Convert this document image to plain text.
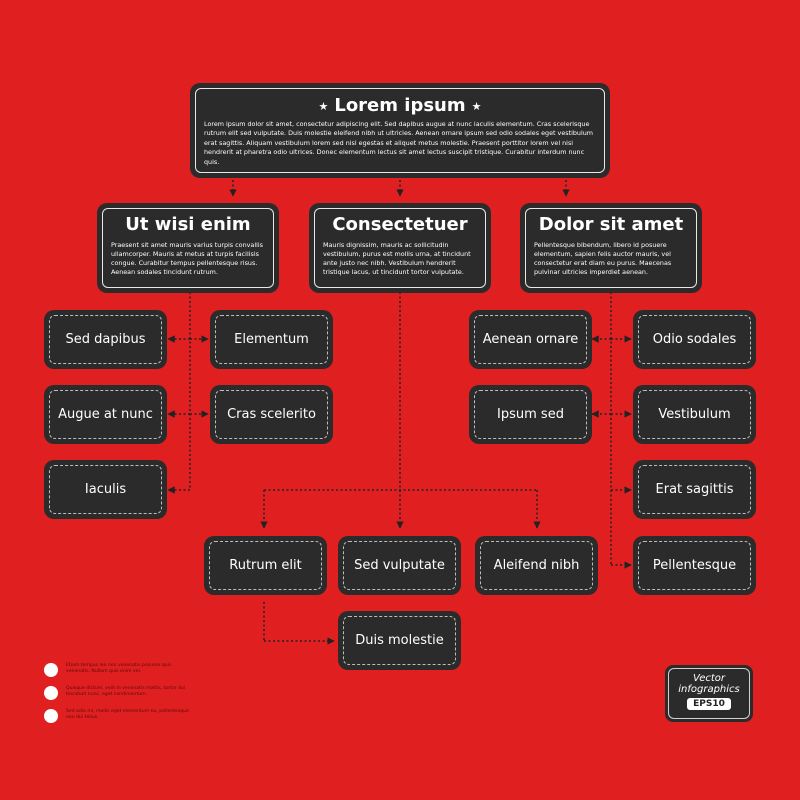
★ Lorem ipsum ★
Lorem ipsum dolor sit amet, consectetur adipiscing elit. Sed dapibus augue at nunc iaculis elementum. Cras scelerisque rutrum elit sed vulputate. Duis molestie eleifend nibh ut ultricies. Aenean ornare ipsum sed odio sodales eget vestibulum erat sagittis. Aliquam vestibulum lorem sed nisl egestas et aliquet metus molestie. Praesent porttitor lorem vel nisi hendrerit at pharetra odio ultrices. Donec elementum lectus sit amet lectus suscipit tristique. Curabitur interdum nunc quis.
Ut wisi enim
Praesent sit amet mauris varius turpis convallis ullamcorper. Mauris at metus at turpis facilisis congue. Curabitur tempus pellentesque risus. Aenean sodales tincidunt rutrum.
Consectetuer
Mauris dignissim, mauris ac sollicitudin vestibulum, purus est mollis urna, at tincidunt ante justo nec nibh. Vestibulum hendrerit tristique lacus, ut tincidunt tortor vulputate.
Dolor sit amet
Pellentesque bibendum, libero id posuere elementum, sapien felis auctor mauris, vel consectetur erat diam eu purus. Maecenas pulvinar ultricies imperdiet aenean.
Sed dapibus	Elementum
Augue at nunc	Cras scelerito
Iaculis
Aenean ornare	Odio sodales
Ipsum sed	Vestibulum
Erat sagittis
Pellentesque
Rutrum elit	Sed vulputate	Aleifend nibh
Duis molestie
Etiam tempus leo non venenatis posuere quis venenatis. Nullam quis enim vel.
Quisque dictum, velit in venenatis mattis, tortor dui tincidunt nunc, eget condimentum.
Sed odio mi, mollis eget elementum eu, pellentesque non dui tellus.
Vector
infographics
EPS10
